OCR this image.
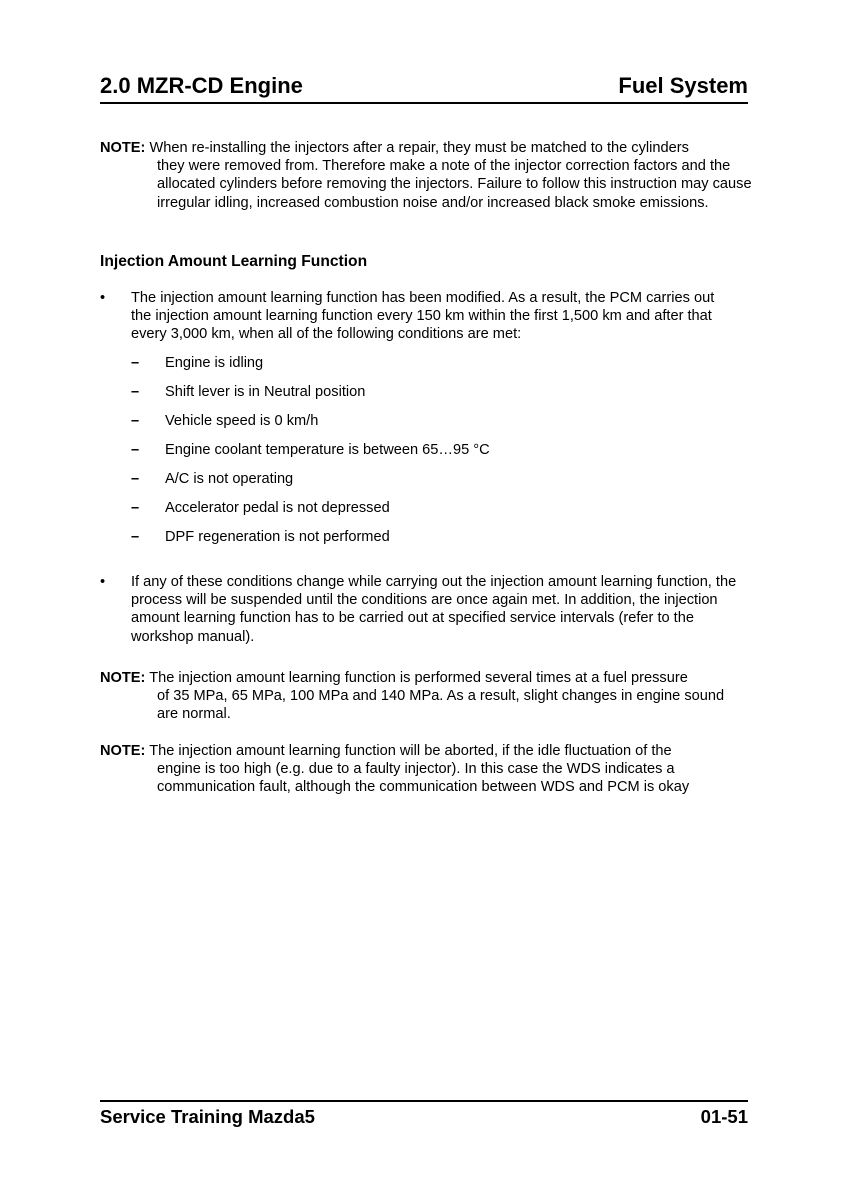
2.0 MZR-CD Engine	Fuel System
NOTE: When re-installing the injectors after a repair, they must be matched to the cylinders
they were removed from. Therefore make a note of the injector correction factors and the allocated cylinders before removing the injectors. Failure to follow this instruction may cause irregular idling, increased combustion noise and/or increased black smoke emissions.
Injection Amount Learning Function
•	The injection amount learning function has been modified. As a result, the PCM carries out the injection amount learning function every 150 km within the first 1,500 km and after that every 3,000 km, when all of the following conditions are met:
– Engine is idling
– Shift lever is in Neutral position
– Vehicle speed is 0 km/h
– Engine coolant temperature is between 65…95 °C
– A/C is not operating
– Accelerator pedal is not depressed
– DPF regeneration is not performed
•	If any of these conditions change while carrying out the injection amount learning function, the process will be suspended until the conditions are once again met. In addition, the injection amount learning function has to be carried out at specified service intervals (refer to the workshop manual).
NOTE: The injection amount learning function is performed several times at a fuel pressure
of 35 MPa, 65 MPa, 100 MPa and 140 MPa. As a result, slight changes in engine sound are normal.
NOTE: The injection amount learning function will be aborted, if the idle fluctuation of the
engine is too high (e.g. due to a faulty injector). In this case the WDS indicates a communication fault, although the communication between WDS and PCM is okay
Service Training Mazda5	01-51
